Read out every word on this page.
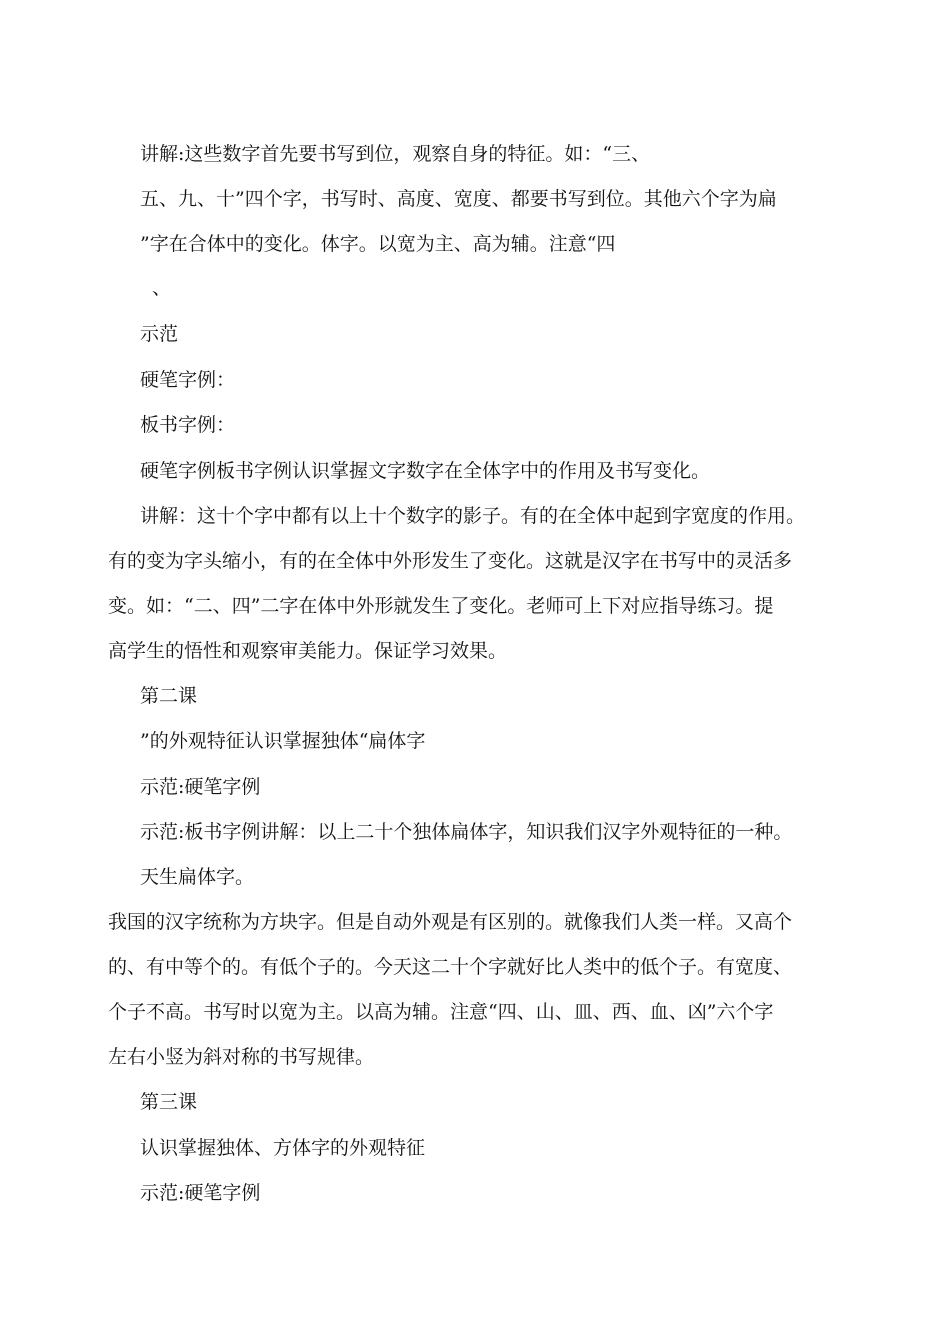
讲解:这些数字首先要书写到位，观察自身的特征。如：“三、
五、九、十”四个字，书写时、高度、宽度、都要书写到位。其他六个字为扁
”字在合体中的变化。体字。以宽为主、高为辅。注意“四
、
示范
硬笔字例：
板书字例：
硬笔字例板书字例认识掌握文字数字在全体字中的作用及书写变化。
讲解：这十个字中都有以上十个数字的影子。有的在全体中起到字宽度的作用。
有的变为字头缩小，有的在全体中外形发生了变化。这就是汉字在书写中的灵活多
变。如：“二、四”二字在体中外形就发生了变化。老师可上下对应指导练习。提
高学生的悟性和观察审美能力。保证学习效果。
第二课
”的外观特征认识掌握独体“扁体字
示范:硬笔字例
示范:板书字例讲解：以上二十个独体扁体字，知识我们汉字外观特征的一种。
天生扁体字。
我国的汉字统称为方块字。但是自动外观是有区别的。就像我们人类一样。又高个
的、有中等个的。有低个子的。今天这二十个字就好比人类中的低个子。有宽度、
个子不高。书写时以宽为主。以高为辅。注意“四、山、皿、西、血、凶”六个字
左右小竖为斜对称的书写规律。
第三课
认识掌握独体、方体字的外观特征
示范:硬笔字例
